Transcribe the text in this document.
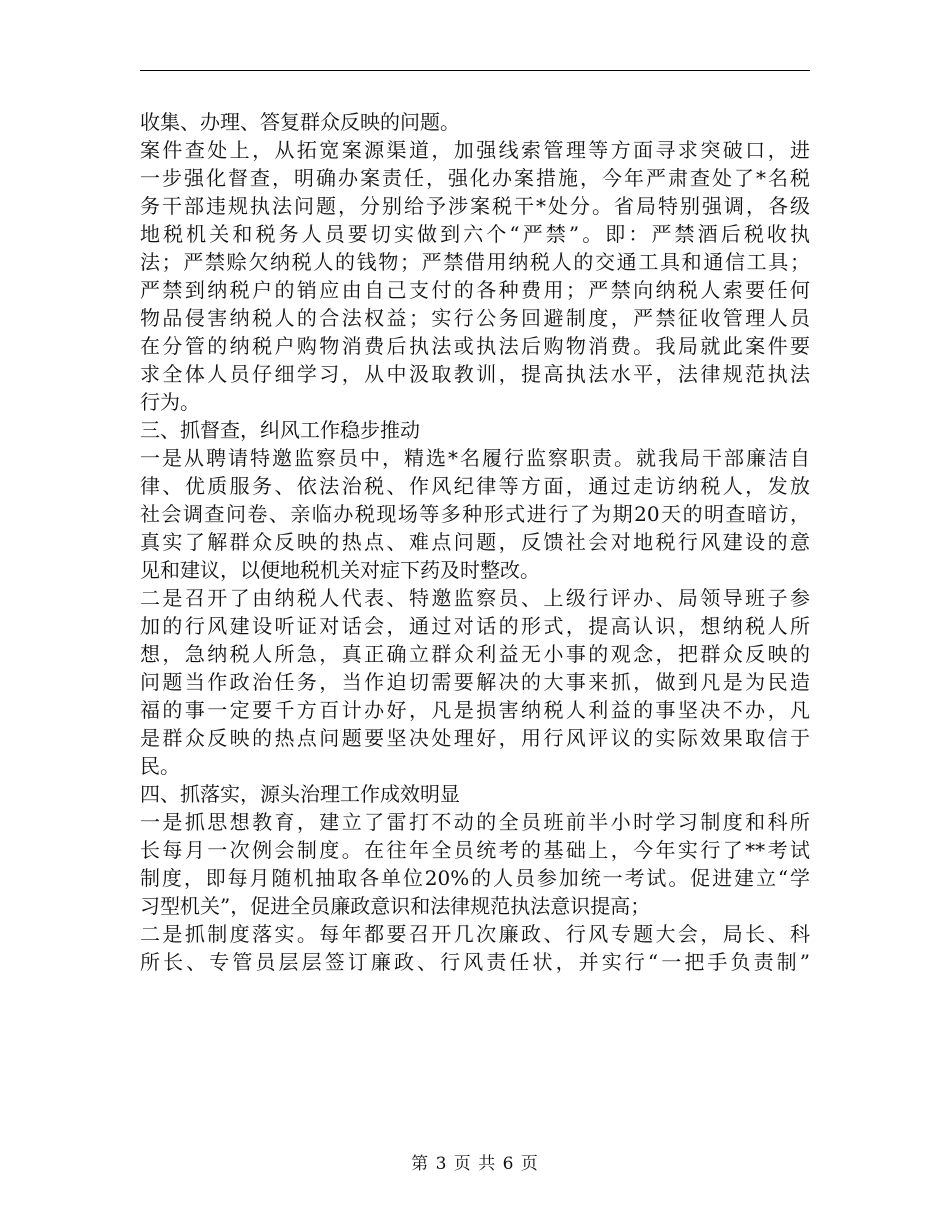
收集、办理、答复群众反映的问题。
案件查处上，从拓宽案源渠道，加强线索管理等方面寻求突破口，进
一步强化督查，明确办案责任，强化办案措施，今年严肃查处了*名税
务干部违规执法问题，分别给予涉案税干*处分。省局特别强调，各级
地税机关和税务人员要切实做到六个“严禁”。即：严禁酒后税收执
法；严禁赊欠纳税人的钱物；严禁借用纳税人的交通工具和通信工具；
严禁到纳税户的销应由自己支付的各种费用；严禁向纳税人索要任何
物品侵害纳税人的合法权益；实行公务回避制度，严禁征收管理人员
在分管的纳税户购物消费后执法或执法后购物消费。我局就此案件要
求全体人员仔细学习，从中汲取教训，提高执法水平，法律规范执法
行为。
三、抓督查，纠风工作稳步推动
一是从聘请特邀监察员中，精选*名履行监察职责。就我局干部廉洁自
律、优质服务、依法治税、作风纪律等方面，通过走访纳税人，发放
社会调查问卷、亲临办税现场等多种形式进行了为期20天的明查暗访，
真实了解群众反映的热点、难点问题，反馈社会对地税行风建设的意
见和建议，以便地税机关对症下药及时整改。
二是召开了由纳税人代表、特邀监察员、上级行评办、局领导班子参
加的行风建设听证对话会，通过对话的形式，提高认识，想纳税人所
想，急纳税人所急，真正确立群众利益无小事的观念，把群众反映的
问题当作政治任务，当作迫切需要解决的大事来抓，做到凡是为民造
福的事一定要千方百计办好，凡是损害纳税人利益的事坚决不办，凡
是群众反映的热点问题要坚决处理好，用行风评议的实际效果取信于
民。
四、抓落实，源头治理工作成效明显
一是抓思想教育，建立了雷打不动的全员班前半小时学习制度和科所
长每月一次例会制度。在往年全员统考的基础上，今年实行了**考试
制度，即每月随机抽取各单位20%的人员参加统一考试。促进建立“学
习型机关”，促进全员廉政意识和法律规范执法意识提高；
二是抓制度落实。每年都要召开几次廉政、行风专题大会，局长、科
所长、专管员层层签订廉政、行风责任状，并实行“一把手负责制”
第 3 页 共 6 页
